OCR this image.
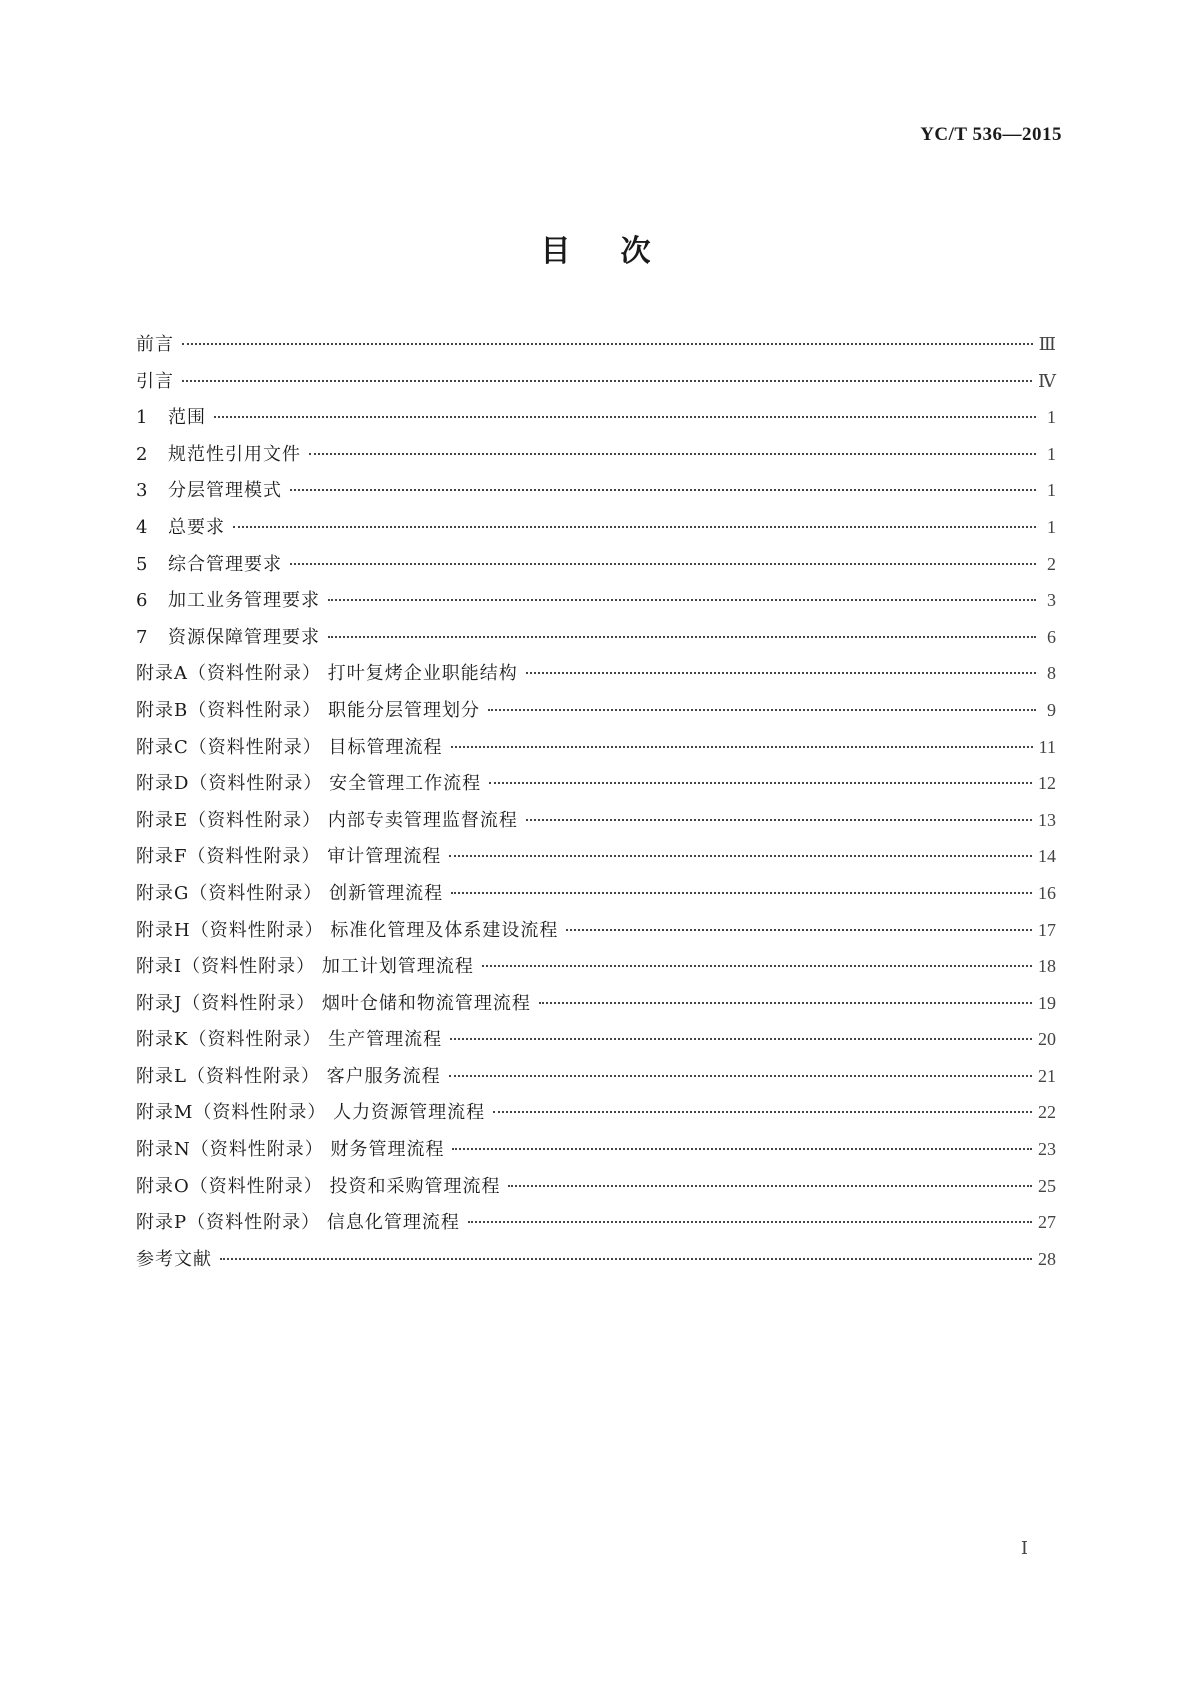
YC/T 536—2015
目次
前言	Ⅲ
引言	Ⅳ
1	范围	1
2	规范性引用文件	1
3	分层管理模式	1
4	总要求	1
5	综合管理要求	2
6	加工业务管理要求	3
7	资源保障管理要求	6
附录A（资料性附录） 打叶复烤企业职能结构	8
附录B（资料性附录） 职能分层管理划分	9
附录C（资料性附录） 目标管理流程	11
附录D（资料性附录） 安全管理工作流程	12
附录E（资料性附录） 内部专卖管理监督流程	13
附录F（资料性附录） 审计管理流程	14
附录G（资料性附录） 创新管理流程	16
附录H（资料性附录） 标准化管理及体系建设流程	17
附录I（资料性附录） 加工计划管理流程	18
附录J（资料性附录） 烟叶仓储和物流管理流程	19
附录K（资料性附录） 生产管理流程	20
附录L（资料性附录） 客户服务流程	21
附录M（资料性附录） 人力资源管理流程	22
附录N（资料性附录） 财务管理流程	23
附录O（资料性附录） 投资和采购管理流程	25
附录P（资料性附录） 信息化管理流程	27
参考文献	28
Ⅰ
